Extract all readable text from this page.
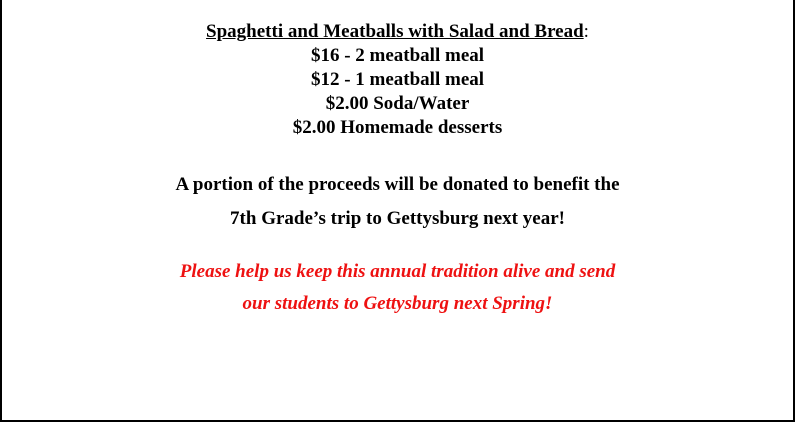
Spaghetti and Meatballs with Salad and Bread:
$16 - 2 meatball meal
$12 - 1 meatball meal
$2.00 Soda/Water
$2.00 Homemade desserts
A portion of the proceeds will be donated to benefit the
7th Grade’s trip to Gettysburg next year!
Please help us keep this annual tradition alive and send
our students to Gettysburg next Spring!
